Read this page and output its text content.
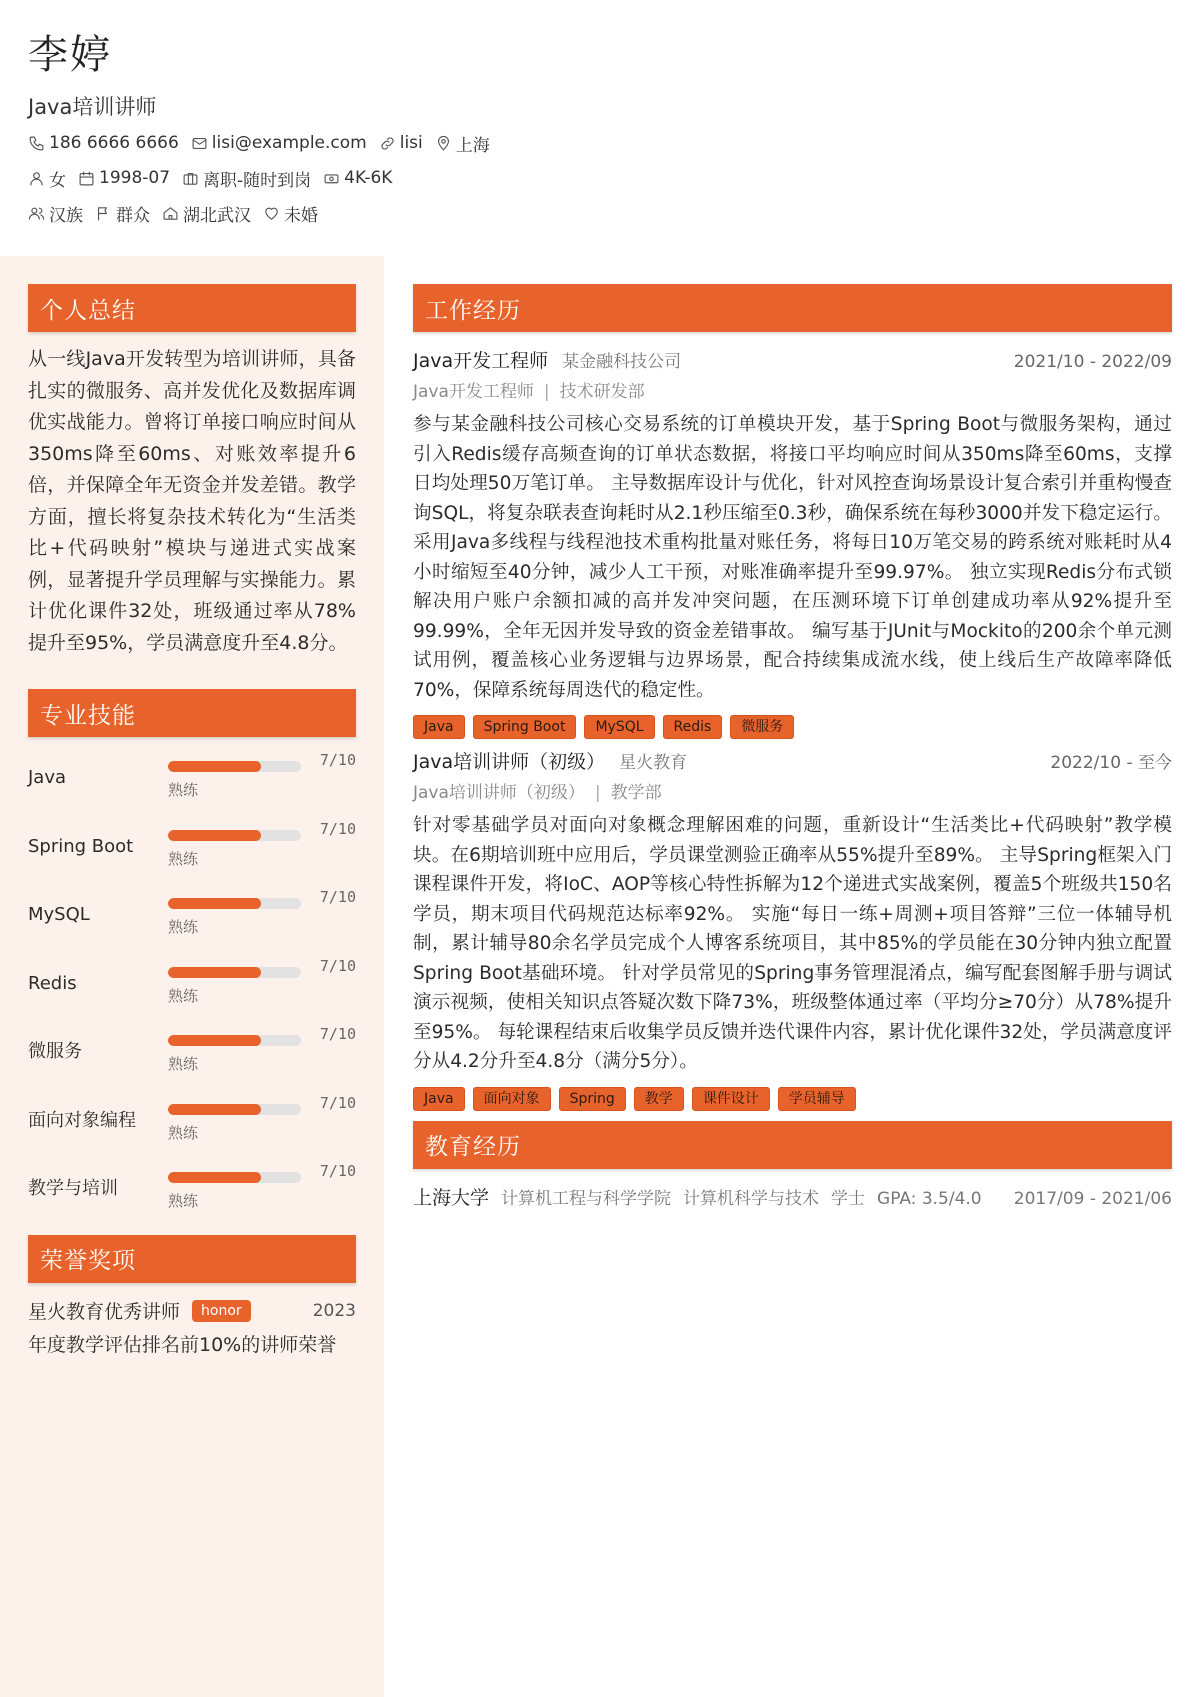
李婷
Java培训讲师
186 6666 6666 lisi@example.com lisi 上海
女 1998-07 离职-随时到岗 4K-6K
汉族 群众 湖北武汉 未婚
个人总结

从一线Java开发转型为培训讲师，具备扎实的微服务、高并发优化及数据库调优实战能力。曾将订单接口响应时间从350ms降至60ms、对账效率提升6倍，并保障全年无资金并发差错。教学方面，擅长将复杂技术转化为“生活类比+代码映射”模块与递进式实战案例，显著提升学员理解与实操能力。累计优化课件32处，班级通过率从78%提升至95%，学员满意度升至4.8分。

专业技能
Java
7/10
熟练
Spring Boot
7/10
熟练
MySQL
7/10
熟练
Redis
7/10
熟练
微服务
7/10
熟练
面向对象编程
7/10
熟练
教学与培训
7/10
熟练
荣誉奖项
星火教育优秀讲师	honor	2023
年度教学评估排名前10%的讲师荣誉
工作经历
Java开发工程师 某金融科技公司	2021/10 - 2022/09
Java开发工程师 | 技术研发部

参与某金融科技公司核心交易系统的订单模块开发，基于Spring Boot与微服务架构，通过引入Redis缓存高频查询的订单状态数据，将接口平均响应时间从350ms降至60ms，支撑日均处理50万笔订单。 主导数据库设计与优化，针对风控查询场景设计复合索引并重构慢查询SQL，将复杂联表查询耗时从2.1秒压缩至0.3秒，确保系统在每秒3000并发下稳定运行。 采用Java多线程与线程池技术重构批量对账任务，将每日10万笔交易的跨系统对账耗时从4小时缩短至40分钟，减少人工干预，对账准确率提升至99.97%。 独立实现Redis分布式锁解决用户账户余额扣减的高并发冲突问题，在压测环境下订单创建成功率从92%提升至99.99%，全年无因并发导致的资金差错事故。 编写基于JUnit与Mockito的200余个单元测试用例，覆盖核心业务逻辑与边界场景，配合持续集成流水线，使上线后生产故障率降低70%，保障系统每周迭代的稳定性。

Java	Spring Boot	MySQL	Redis	微服务
Java培训讲师（初级） 星火教育	2022/10 - 至今
Java培训讲师（初级） | 教学部

针对零基础学员对面向对象概念理解困难的问题，重新设计“生活类比+代码映射”教学模块。在6期培训班中应用后，学员课堂测验正确率从55%提升至89%。 主导Spring框架入门课程课件开发，将IoC、AOP等核心特性拆解为12个递进式实战案例，覆盖5个班级共150名学员，期末项目代码规范达标率92%。 实施“每日一练+周测+项目答辩”三位一体辅导机制，累计辅导80余名学员完成个人博客系统项目，其中85%的学员能在30分钟内独立配置Spring Boot基础环境。 针对学员常见的Spring事务管理混淆点，编写配套图解手册与调试演示视频，使相关知识点答疑次数下降73%，班级整体通过率（平均分≥70分）从78%提升至95%。 每轮课程结束后收集学员反馈并迭代课件内容，累计优化课件32处，学员满意度评分从4.2分升至4.8分（满分5分）。

Java	面向对象	Spring	教学	课件设计	学员辅导
教育经历
上海大学 计算机工程与科学学院 计算机科学与技术 学士 GPA: 3.5/4.0 2017/09 - 2021/06
